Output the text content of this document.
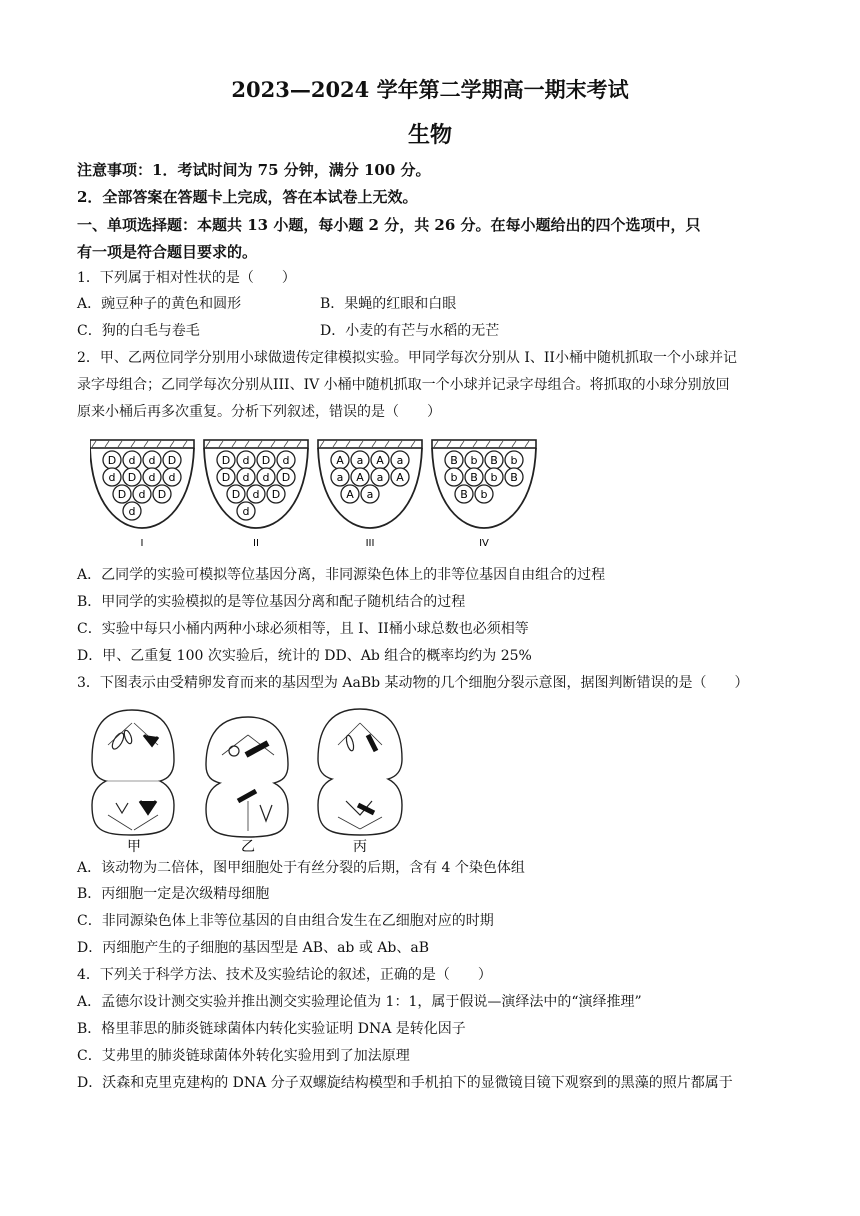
2023—2024 学年第二学期高一期末考试
生物
注意事项：1．考试时间为 75 分钟，满分 100 分。
2．全部答案在答题卡上完成，答在本试卷上无效。
一、单项选择题：本题共 13 小题，每小题 2 分，共 26 分。在每小题给出的四个选项中，只
有一项是符合题目要求的。
1．下列属于相对性状的是（　　）
A．豌豆种子的黄色和圆形	B．果蝇的红眼和白眼
C．狗的白毛与卷毛	D．小麦的有芒与水稻的无芒
2．甲、乙两位同学分别用小球做遗传定律模拟实验。甲同学每次分别从 I、II小桶中随机抓取一个小球并记
录字母组合；乙同学每次分别从III、IV 小桶中随机抓取一个小球并记录字母组合。将抓取的小球分别放回
原来小桶后再多次重复。分析下列叙述，错误的是（　　）
D d d D
d D d d
D d D
d
I
D d D d
D d d D
D d D
d
II
A a A a
a A a A
A a
III
B b B b
b B b B
B b
IV
A．乙同学的实验可模拟等位基因分离，非同源染色体上的非等位基因自由组合的过程
B．甲同学的实验模拟的是等位基因分离和配子随机结合的过程
C．实验中每只小桶内两种小球必须相等，且 I、II桶小球总数也必须相等
D．甲、乙重复 100 次实验后，统计的 DD、Ab 组合的概率均约为 25%
3．下图表示由受精卵发育而来的基因型为 AaBb 某动物的几个细胞分裂示意图，据图判断错误的是（　　）
甲	乙	丙
A．该动物为二倍体，图甲细胞处于有丝分裂的后期，含有 4 个染色体组
B．丙细胞一定是次级精母细胞
C．非同源染色体上非等位基因的自由组合发生在乙细胞对应的时期
D．丙细胞产生的子细胞的基因型是 AB、ab 或 Ab、aB
4．下列关于科学方法、技术及实验结论的叙述，正确的是（　　）
A．孟德尔设计测交实验并推出测交实验理论值为 1：1，属于假说—演绎法中的“演绎推理”
B．格里菲思的肺炎链球菌体内转化实验证明 DNA 是转化因子
C．艾弗里的肺炎链球菌体外转化实验用到了加法原理
D．沃森和克里克建构的 DNA 分子双螺旋结构模型和手机拍下的显微镜目镜下观察到的黑藻的照片都属于
